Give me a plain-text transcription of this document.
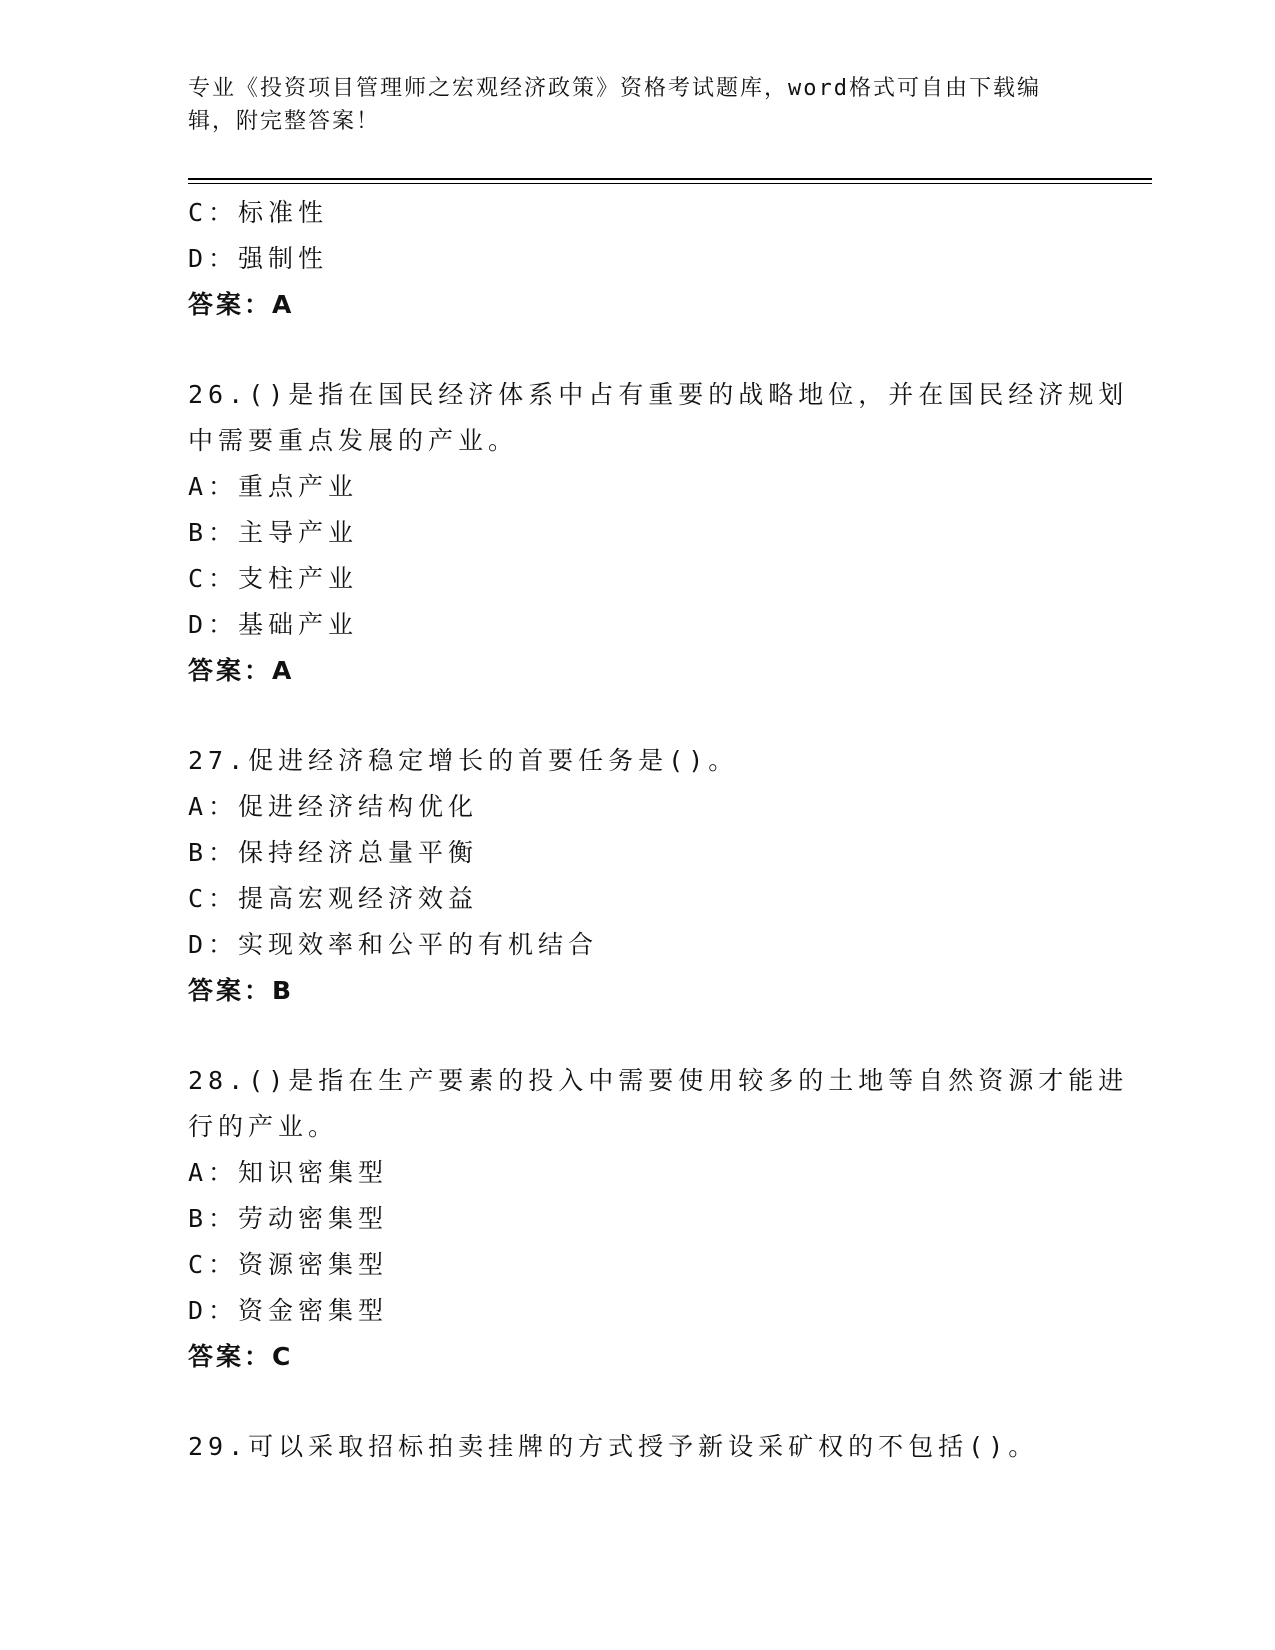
专业《投资项目管理师之宏观经济政策》资格考试题库，word格式可自由下载编
辑，附完整答案！
C：标准性
D：强制性
答案：A
26.()是指在国民经济体系中占有重要的战略地位，并在国民经济规划
中需要重点发展的产业。
A：重点产业
B：主导产业
C：支柱产业
D：基础产业
答案：A
27.促进经济稳定增长的首要任务是()。
A：促进经济结构优化
B：保持经济总量平衡
C：提高宏观经济效益
D：实现效率和公平的有机结合
答案：B
28.()是指在生产要素的投入中需要使用较多的土地等自然资源才能进
行的产业。
A：知识密集型
B：劳动密集型
C：资源密集型
D：资金密集型
答案：C
29.可以采取招标拍卖挂牌的方式授予新设采矿权的不包括()。
